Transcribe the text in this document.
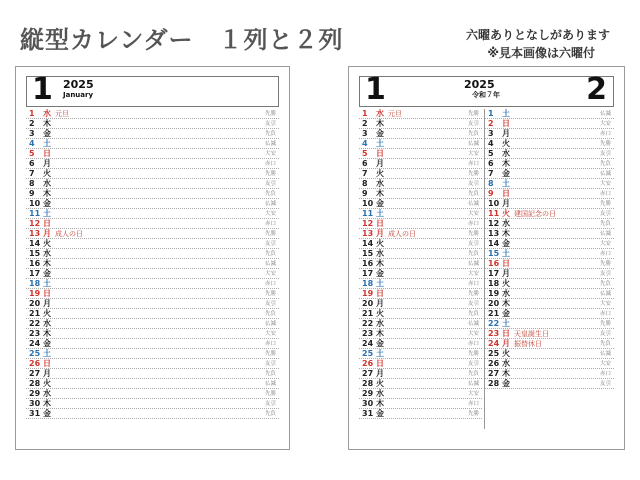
縦型カレンダー　１列と２列	六曜ありとなしがあります
※見本画像は六曜付
1 2025
January
1 水 元旦	先勝
2 木	友引
3 金	先負
4 土	仏滅
5 日	大安
6 月	赤口
7 火	先勝
8 水	友引
9 木	先負
10 金	仏滅
11 土	大安
12 日	赤口
13 月 成人の日	先勝
14 火	友引
15 水	先負
16 木	仏滅
17 金	大安
18 土	赤口
19 日	先勝
20 月	友引
21 火	先負
22 水	仏滅
23 木	大安
24 金	赤口
25 土	先勝
26 日	友引
27 月	先負
28 火	仏滅
29 水	先勝
30 木	友引
31 金	先負
1	2025
令和７年	2
1 水 元旦	先勝
2 木	友引
3 金	先負
4 土	仏滅
5 日	大安
6 月	赤口
7 火	先勝
8 水	友引
9 木	先負
10 金	仏滅
11 土	大安
12 日	赤口
13 月 成人の日	先勝
14 火	友引
15 水	先負
16 木	仏滅
17 金	大安
18 土	赤口
19 日	先勝
20 月	友引
21 火	先負
22 水	仏滅
23 木	大安
24 金	赤口
25 土	先勝
26 日	友引
27 月	先負
28 火	仏滅
29 水	大安
30 木	赤口
31 金	先勝
1 土	仏滅
2 日	大安
3 月	赤口
4 火	先勝
5 水	友引
6 木	先負
7 金	仏滅
8 土	大安
9 日	赤口
10 月	先勝
11 火 建国記念の日	友引
12 水	先負
13 木	仏滅
14 金	大安
15 土	赤口
16 日	先勝
17 月	友引
18 火	先負
19 水	仏滅
20 木	大安
21 金	赤口
22 土	先勝
23 日 天皇誕生日	友引
24 月 振替休日	先負
25 火	仏滅
26 水	大安
27 木	赤口
28 金	友引
